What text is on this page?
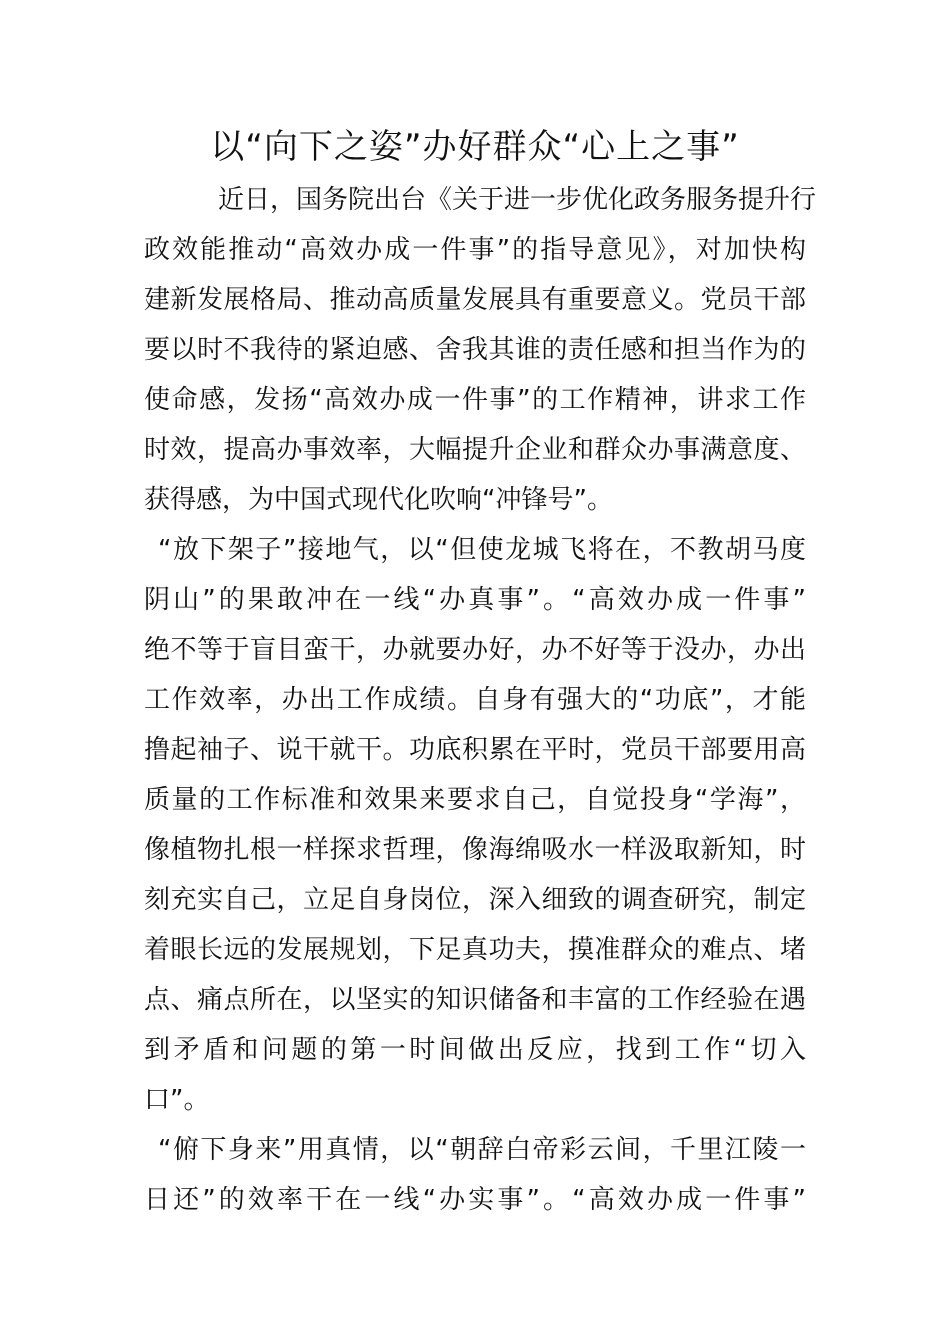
以“向下之姿”办好群众“心上之事”
近日，国务院出台《关于进一步优化政务服务提升行
政效能推动“高效办成一件事”的指导意见》，对加快构
建新发展格局、推动高质量发展具有重要意义。党员干部
要以时不我待的紧迫感、舍我其谁的责任感和担当作为的
使命感，发扬“高效办成一件事”的工作精神，讲求工作
时效，提高办事效率，大幅提升企业和群众办事满意度、
获得感，为中国式现代化吹响“冲锋号”。
“放下架子”接地气，以“但使龙城飞将在，不教胡马度
阴山”的果敢冲在一线“办真事”。“高效办成一件事”
绝不等于盲目蛮干，办就要办好，办不好等于没办，办出
工作效率，办出工作成绩。自身有强大的“功底”，才能
撸起袖子、说干就干。功底积累在平时，党员干部要用高
质量的工作标准和效果来要求自己，自觉投身“学海”，
像植物扎根一样探求哲理，像海绵吸水一样汲取新知，时
刻充实自己，立足自身岗位，深入细致的调查研究，制定
着眼长远的发展规划，下足真功夫，摸准群众的难点、堵
点、痛点所在，以坚实的知识储备和丰富的工作经验在遇
到矛盾和问题的第一时间做出反应，找到工作“切入
口”。
“俯下身来”用真情，以“朝辞白帝彩云间，千里江陵一
日还”的效率干在一线“办实事”。“高效办成一件事”
